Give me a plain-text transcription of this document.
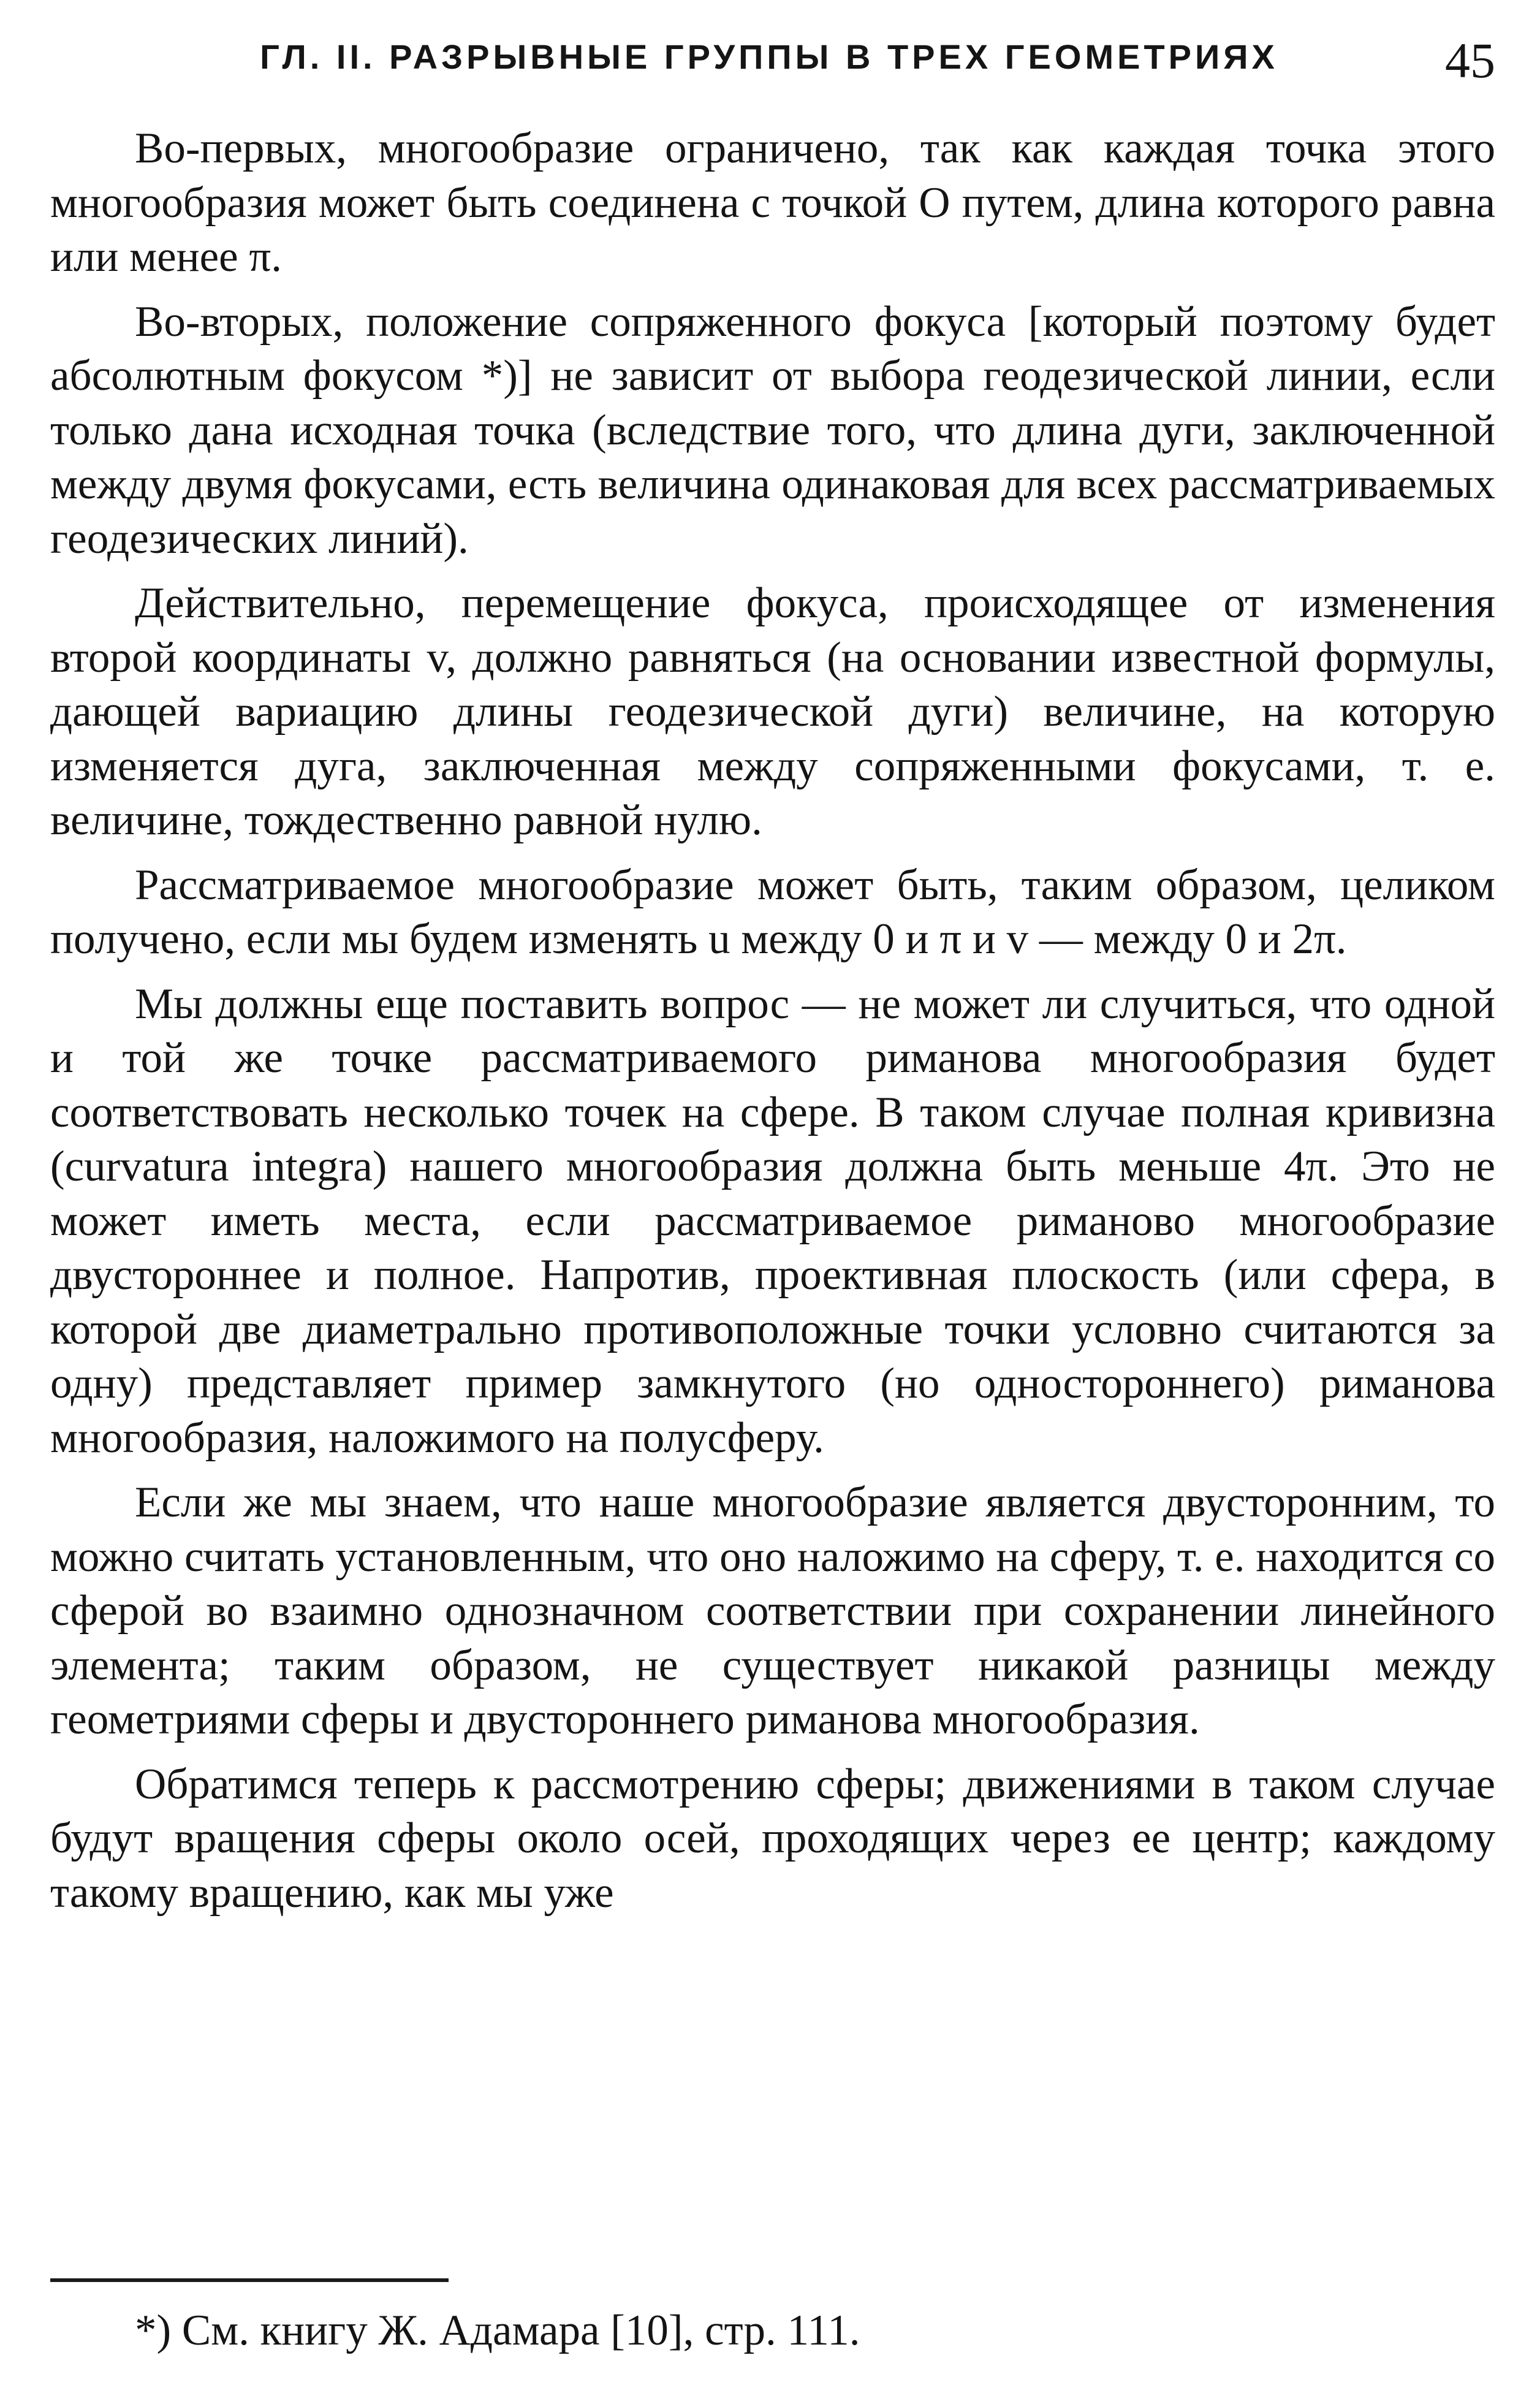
ГЛ. II. РАЗРЫВНЫЕ ГРУППЫ В ТРЕХ ГЕОМЕТРИЯХ	45

Во-первых, многообразие ограничено, так как каждая точка этого многообразия может быть соединена с точкой O путем, длина которого равна или менее π.

Во-вторых, положение сопряженного фокуса [который поэтому будет абсолютным фокусом *)] не зависит от выбора геодезической линии, если только дана исходная точка (вследствие того, что длина дуги, заключенной между двумя фокусами, есть величина одинаковая для всех рассматриваемых геодезических линий).

Действительно, перемещение фокуса, происходящее от изменения второй координаты v, должно равняться (на основании известной формулы, дающей вариацию длины геодезической дуги) величине, на которую изменяется дуга, заключенная между сопряженными фокусами, т. е. величине, тождественно равной нулю.

Рассматриваемое многообразие может быть, таким образом, целиком получено, если мы будем изменять u между 0 и π и v — между 0 и 2π.

Мы должны еще поставить вопрос — не может ли случиться, что одной и той же точке рассматриваемого риманова многообразия будет соответствовать несколько точек на сфере. В таком случае полная кривизна (curvatura integra) нашего многообразия должна быть меньше 4π. Это не может иметь места, если рассматриваемое риманово многообразие двустороннее и полное. Напротив, проективная плоскость (или сфера, в которой две диаметрально противоположные точки условно считаются за одну) представляет пример замкнутого (но одностороннего) риманова многообразия, наложимого на полусферу.

Если же мы знаем, что наше многообразие является двусторонним, то можно считать установленным, что оно наложимо на сферу, т. е. находится со сферой во взаимно однозначном соответствии при сохранении линейного элемента; таким образом, не существует никакой разницы между геометриями сферы и двустороннего риманова многообразия.

Обратимся теперь к рассмотрению сферы; движениями в таком случае будут вращения сферы около осей, проходящих через ее центр; каждому такому вращению, как мы уже

*) См. книгу Ж. Адамара [10], стр. 111.
